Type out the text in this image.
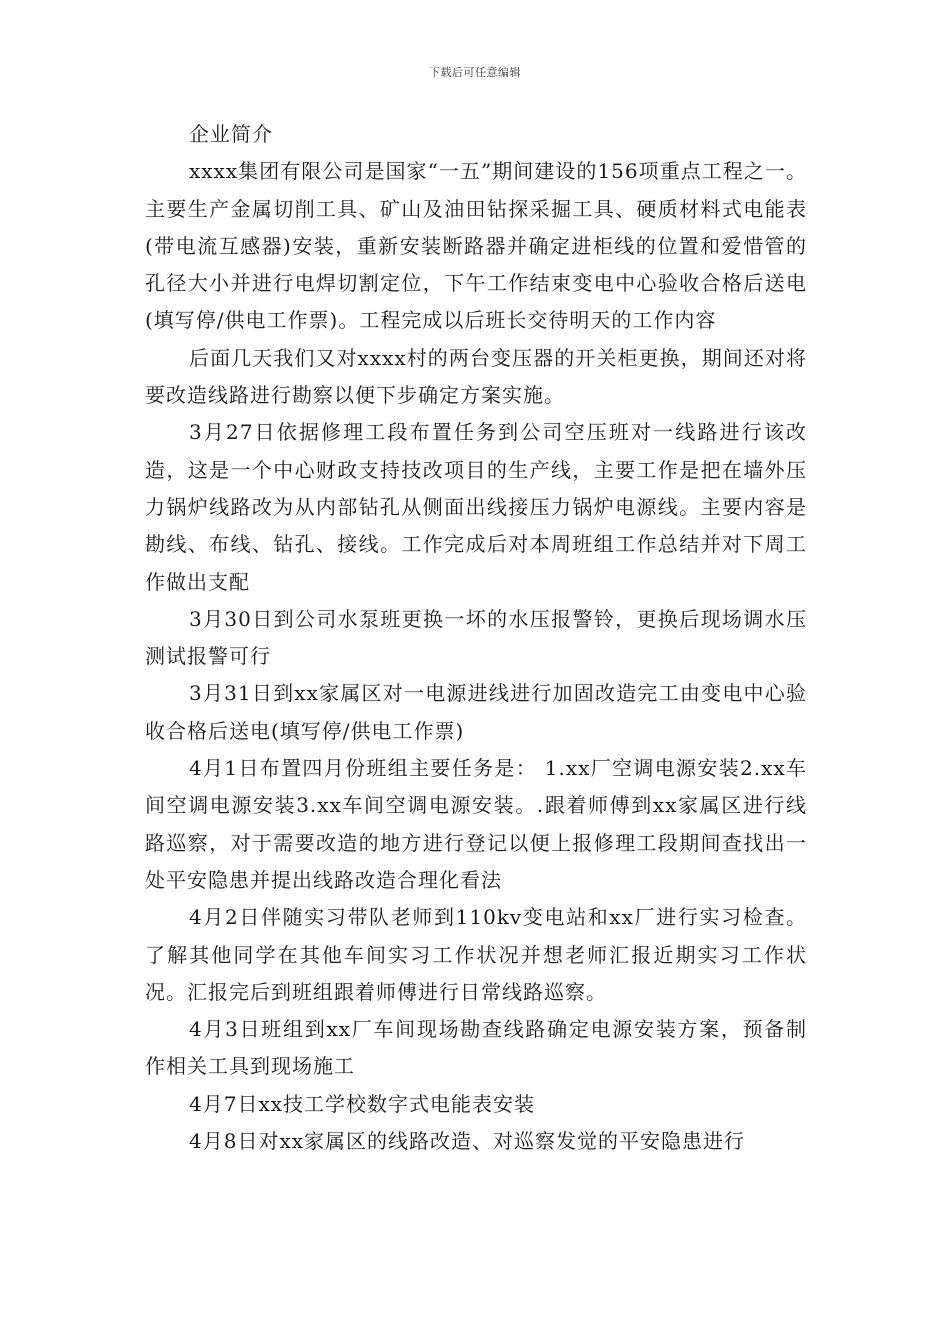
下载后可任意编辑

企业简介

xxxx集团有限公司是国家“一五”期间建设的156项重点工程之一。主要生产金属切削工具、矿山及油田钻探采掘工具、硬质材料式电能表(带电流互感器)安装，重新安装断路器并确定进柜线的位置和爱惜管的孔径大小并进行电焊切割定位，下午工作结束变电中心验收合格后送电(填写停/供电工作票)。工程完成以后班长交待明天的工作内容

后面几天我们又对xxxx村的两台变压器的开关柜更换，期间还对将要改造线路进行勘察以便下步确定方案实施。

3月27日依据修理工段布置任务到公司空压班对一线路进行该改造，这是一个中心财政支持技改项目的生产线，主要工作是把在墙外压力锅炉线路改为从内部钻孔从侧面出线接压力锅炉电源线。主要内容是勘线、布线、钻孔、接线。工作完成后对本周班组工作总结并对下周工作做出支配

3月30日到公司水泵班更换一坏的水压报警铃，更换后现场调水压测试报警可行

3月31日到xx家属区对一电源进线进行加固改造完工由变电中心验收合格后送电(填写停/供电工作票)

4月1日布置四月份班组主要任务是： 1.xx厂空调电源安装2.xx车间空调电源安装3.xx车间空调电源安装。.跟着师傅到xx家属区进行线路巡察，对于需要改造的地方进行登记以便上报修理工段期间查找出一处平安隐患并提出线路改造合理化看法

4月2日伴随实习带队老师到110kv变电站和xx厂进行实习检查。了解其他同学在其他车间实习工作状况并想老师汇报近期实习工作状况。汇报完后到班组跟着师傅进行日常线路巡察。

4月3日班组到xx厂车间现场勘查线路确定电源安装方案，预备制作相关工具到现场施工

4月7日xx技工学校数字式电能表安装

4月8日对xx家属区的线路改造、对巡察发觉的平安隐患进行
